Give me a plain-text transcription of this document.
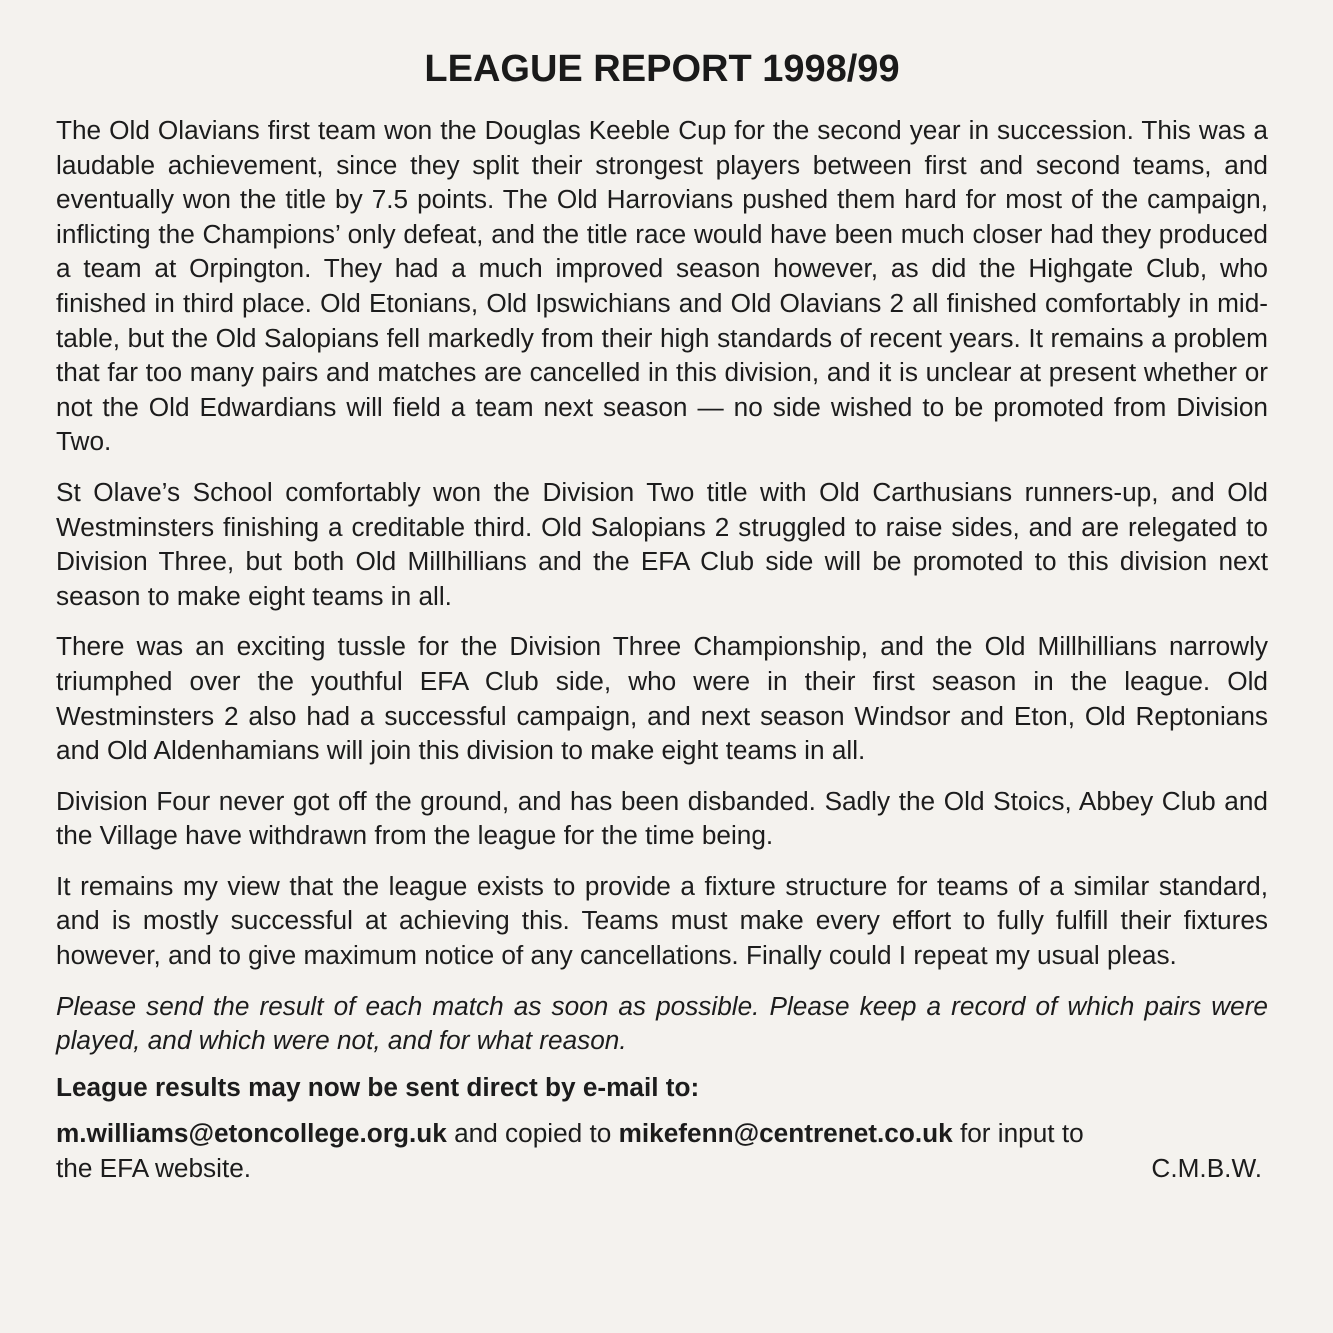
LEAGUE REPORT 1998/99

The Old Olavians first team won the Douglas Keeble Cup for the second year in succession. This was a laudable achievement, since they split their strongest players between first and second teams, and eventually won the title by 7.5 points. The Old Harrovians pushed them hard for most of the campaign, inflicting the Champions’ only defeat, and the title race would have been much closer had they produced a team at Orpington. They had a much improved season however, as did the Highgate Club, who finished in third place. Old Etonians, Old Ipswichians and Old Olavians 2 all finished comfortably in mid-table, but the Old Salopians fell markedly from their high standards of recent years. It remains a problem that far too many pairs and matches are cancelled in this division, and it is unclear at present whether or not the Old Edwardians will field a team next season — no side wished to be promoted from Division Two.

St Olave’s School comfortably won the Division Two title with Old Carthusians runners-up, and Old Westminsters finishing a creditable third. Old Salopians 2 struggled to raise sides, and are relegated to Division Three, but both Old Millhillians and the EFA Club side will be promoted to this division next season to make eight teams in all.

There was an exciting tussle for the Division Three Championship, and the Old Millhillians narrowly triumphed over the youthful EFA Club side, who were in their first season in the league. Old Westminsters 2 also had a successful campaign, and next season Windsor and Eton, Old Reptonians and Old Aldenhamians will join this division to make eight teams in all.

Division Four never got off the ground, and has been disbanded. Sadly the Old Stoics, Abbey Club and the Village have withdrawn from the league for the time being.

It remains my view that the league exists to provide a fixture structure for teams of a similar standard, and is mostly successful at achieving this. Teams must make every effort to fully fulfill their fixtures however, and to give maximum notice of any cancellations. Finally could I repeat my usual pleas.

Please send the result of each match as soon as possible. Please keep a record of which pairs were played, and which were not, and for what reason.

League results may now be sent direct by e-mail to:

m.williams@etoncollege.org.uk and copied to mikefenn@centrenet.co.uk for input to
the EFA website.	C.M.B.W.
